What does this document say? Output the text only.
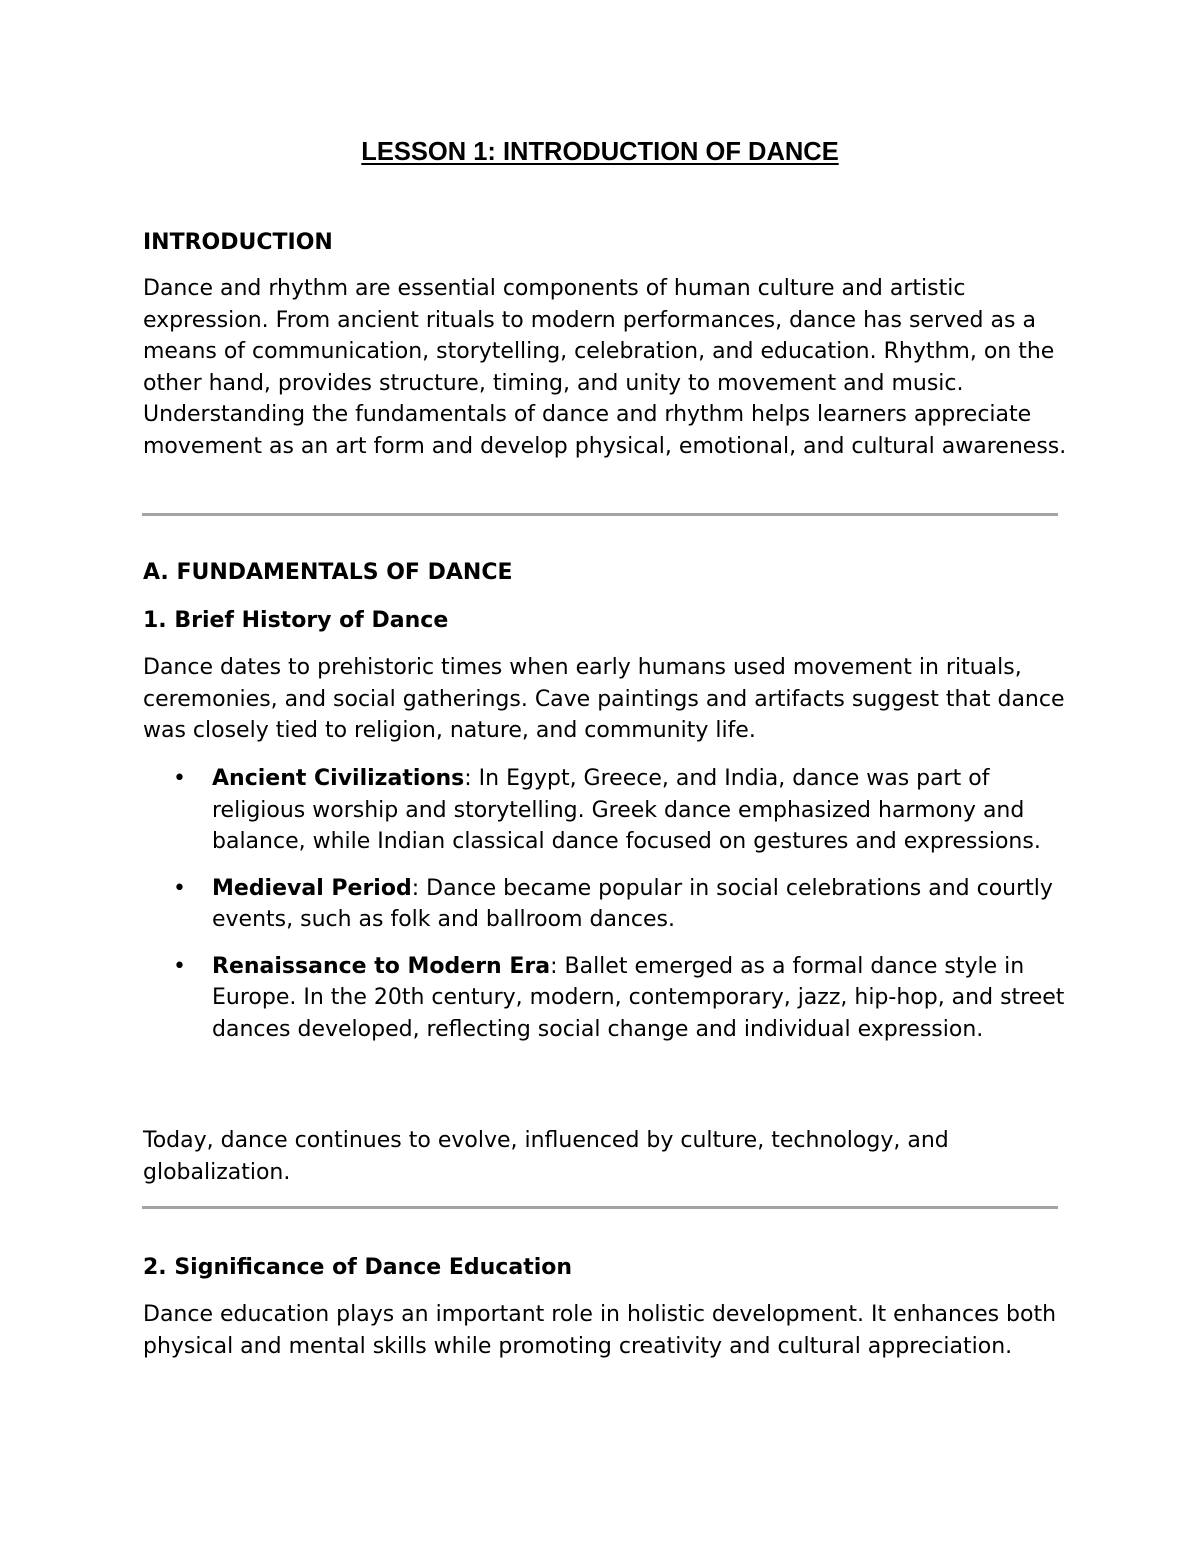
LESSON 1: INTRODUCTION OF DANCE
INTRODUCTION

Dance and rhythm are essential components of human culture and artistic expression. From ancient rituals to modern performances, dance has served as a means of communication, storytelling, celebration, and education. Rhythm, on the other hand, provides structure, timing, and unity to movement and music. Understanding the fundamentals of dance and rhythm helps learners appreciate movement as an art form and develop physical, emotional, and cultural awareness.

A. FUNDAMENTALS OF DANCE
1. Brief History of Dance

Dance dates to prehistoric times when early humans used movement in rituals, ceremonies, and social gatherings. Cave paintings and artifacts suggest that dance was closely tied to religion, nature, and community life.

• Ancient Civilizations: In Egypt, Greece, and India, dance was part of religious worship and storytelling. Greek dance emphasized harmony and balance, while Indian classical dance focused on gestures and expressions.
• Medieval Period: Dance became popular in social celebrations and courtly events, such as folk and ballroom dances.
• Renaissance to Modern Era: Ballet emerged as a formal dance style in Europe. In the 20th century, modern, contemporary, jazz, hip-hop, and street dances developed, reflecting social change and individual expression.

Today, dance continues to evolve, influenced by culture, technology, and globalization.

2. Significance of Dance Education

Dance education plays an important role in holistic development. It enhances both physical and mental skills while promoting creativity and cultural appreciation.
